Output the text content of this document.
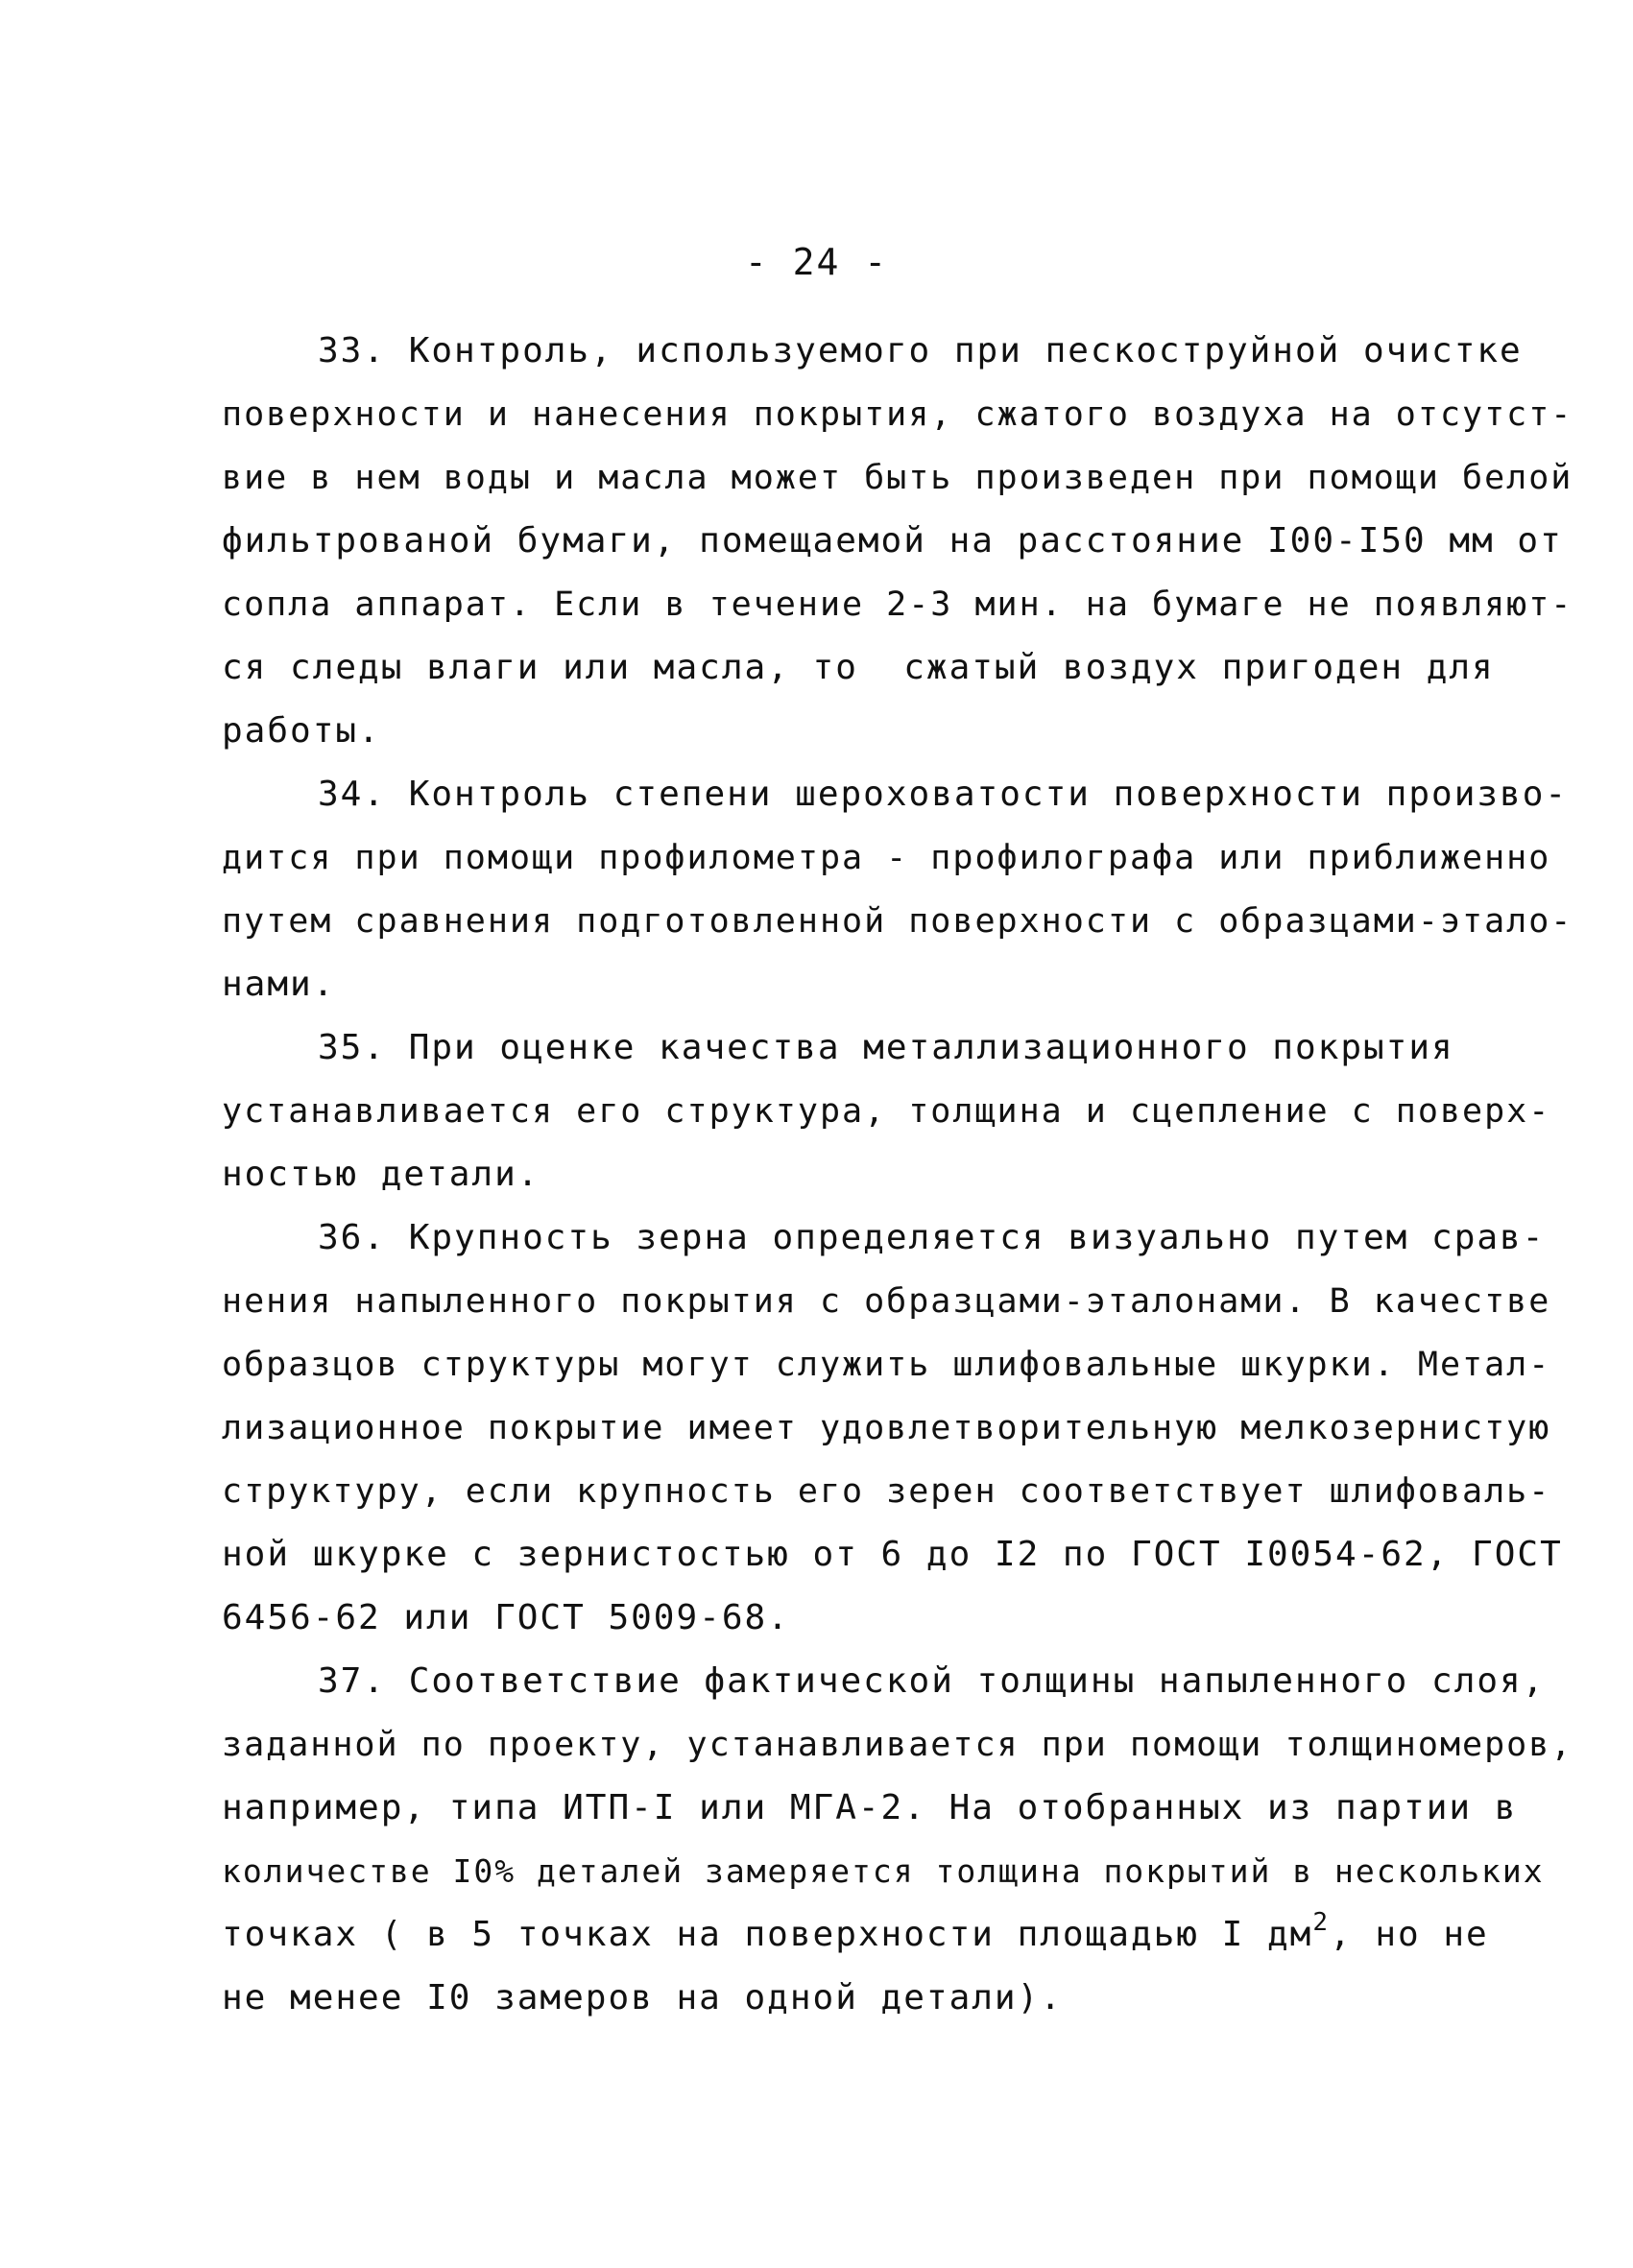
- 24 -
33. Контроль, используемого при пескоструйной очистке
поверхности и нанесения покрытия, сжатого воздуха на отсутст-
вие в нем воды и масла может быть произведен при помощи белой
фильтрованой бумаги, помещаемой на расстояние I00-I50 мм от
сопла аппарат. Если в течение 2-3 мин. на бумаге не появляют-
ся следы влаги или масла, то  сжатый воздух пригоден для
работы.
34. Контроль степени шероховатости поверхности произво-
дится при помощи профилометра - профилографа или приближенно
путем сравнения подготовленной поверхности с образцами-этало-
нами.
35. При оценке качества металлизационного покрытия
устанавливается его структура, толщина и сцепление с поверх-
ностью детали.
36. Крупность зерна определяется визуально путем срав-
нения напыленного покрытия с образцами-эталонами. В качестве
образцов структуры могут служить шлифовальные шкурки. Метал-
лизационное покрытие имеет удовлетворительную мелкозернистую
структуру, если крупность его зерен соответствует шлифоваль-
ной шкурке с зернистостью от 6 до I2 по ГОСТ I0054-62, ГОСТ
6456-62 или ГОСТ 5009-68.
37. Соответствие фактической толщины напыленного слоя,
заданной по проекту, устанавливается при помощи толщиномеров,
например, типа ИТП-I или МГА-2. На отобранных из партии в
количестве I0% деталей замеряется толщина покрытий в нескольких
точках ( в 5 точках на поверхности площадью I $дм^2$, но не
не менее I0 замеров на одной детали).
